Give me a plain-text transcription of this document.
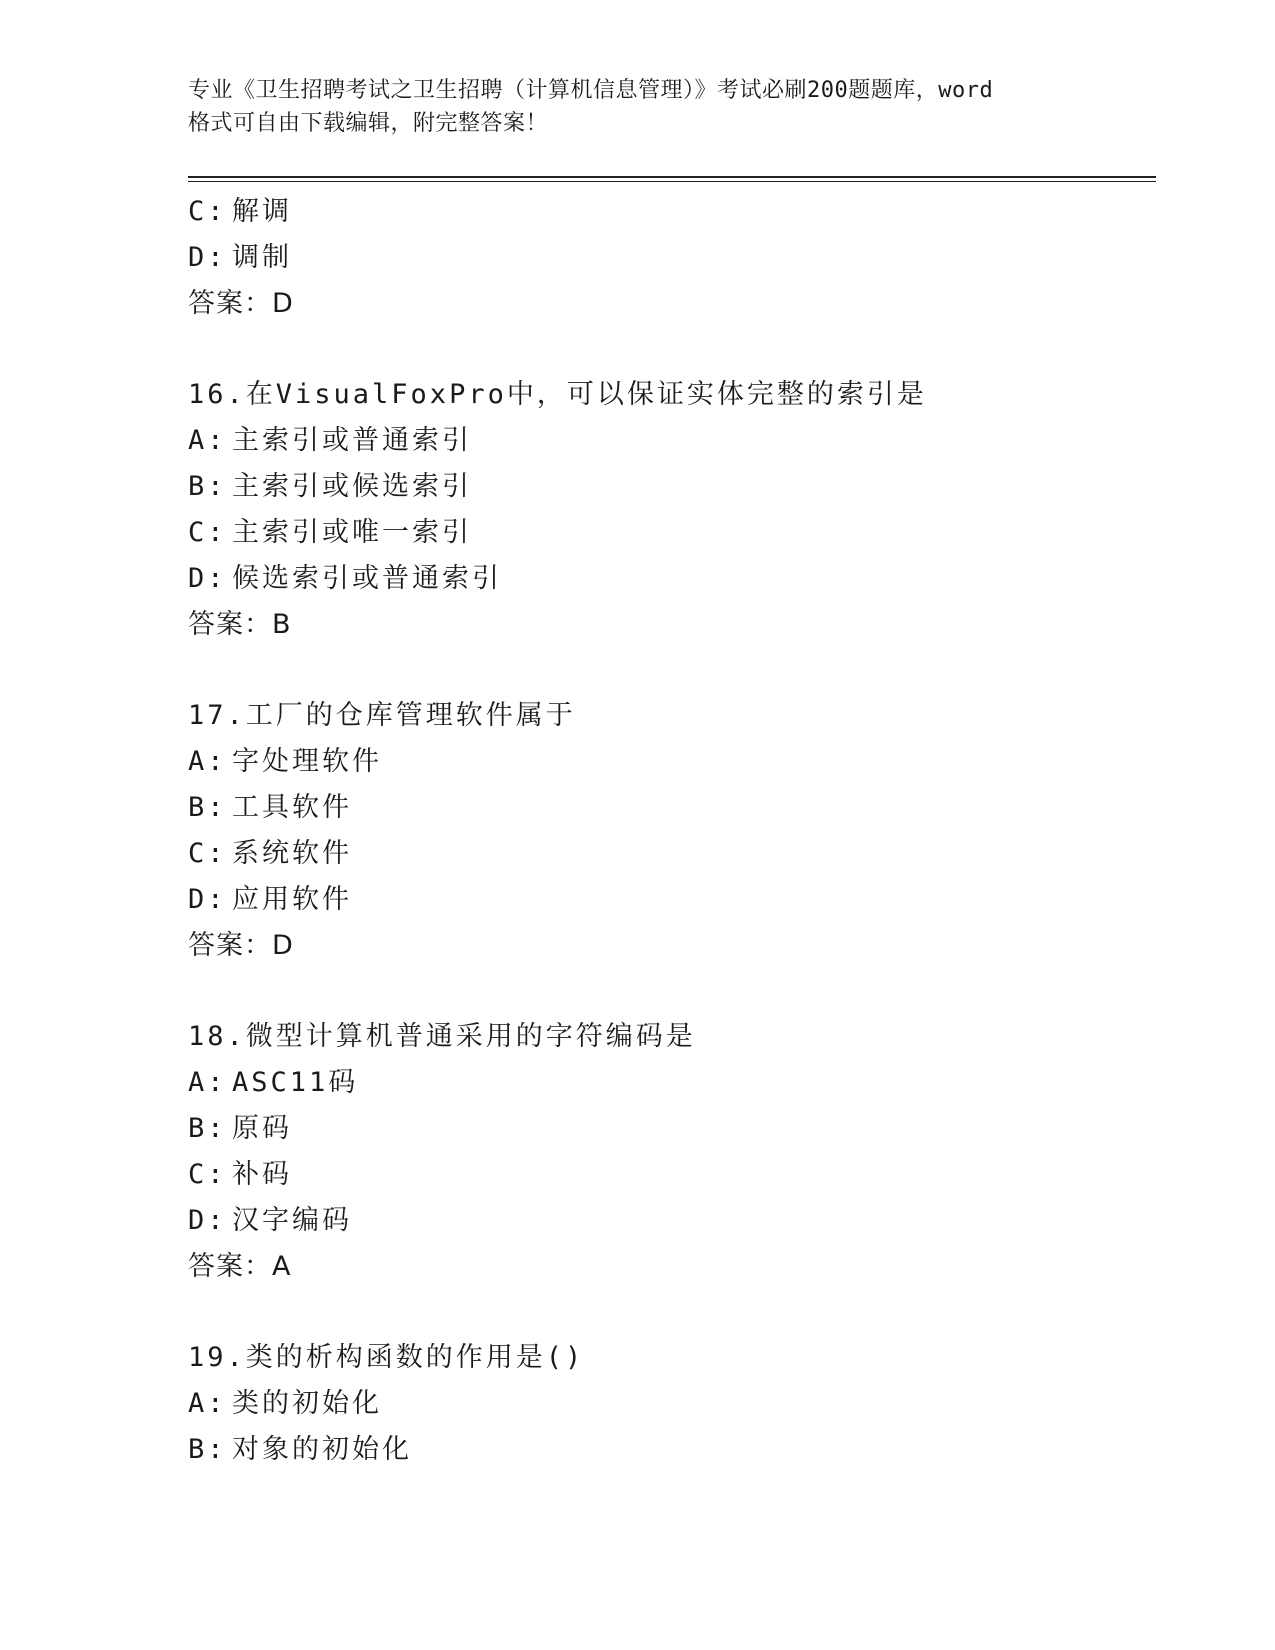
专业《卫生招聘考试之卫生招聘（计算机信息管理）》考试必刷200题题库，word
格式可自由下载编辑，附完整答案！
C: 解调
D: 调制
答案：D
16.在VisualFoxPro中，可以保证实体完整的索引是
A: 主索引或普通索引
B: 主索引或候选索引
C: 主索引或唯一索引
D: 候选索引或普通索引
答案：B
17.工厂的仓库管理软件属于
A: 字处理软件
B: 工具软件
C: 系统软件
D: 应用软件
答案：D
18.微型计算机普通采用的字符编码是
A: ASC11码
B: 原码
C: 补码
D: 汉字编码
答案：A
19.类的析构函数的作用是()
A: 类的初始化
B: 对象的初始化
